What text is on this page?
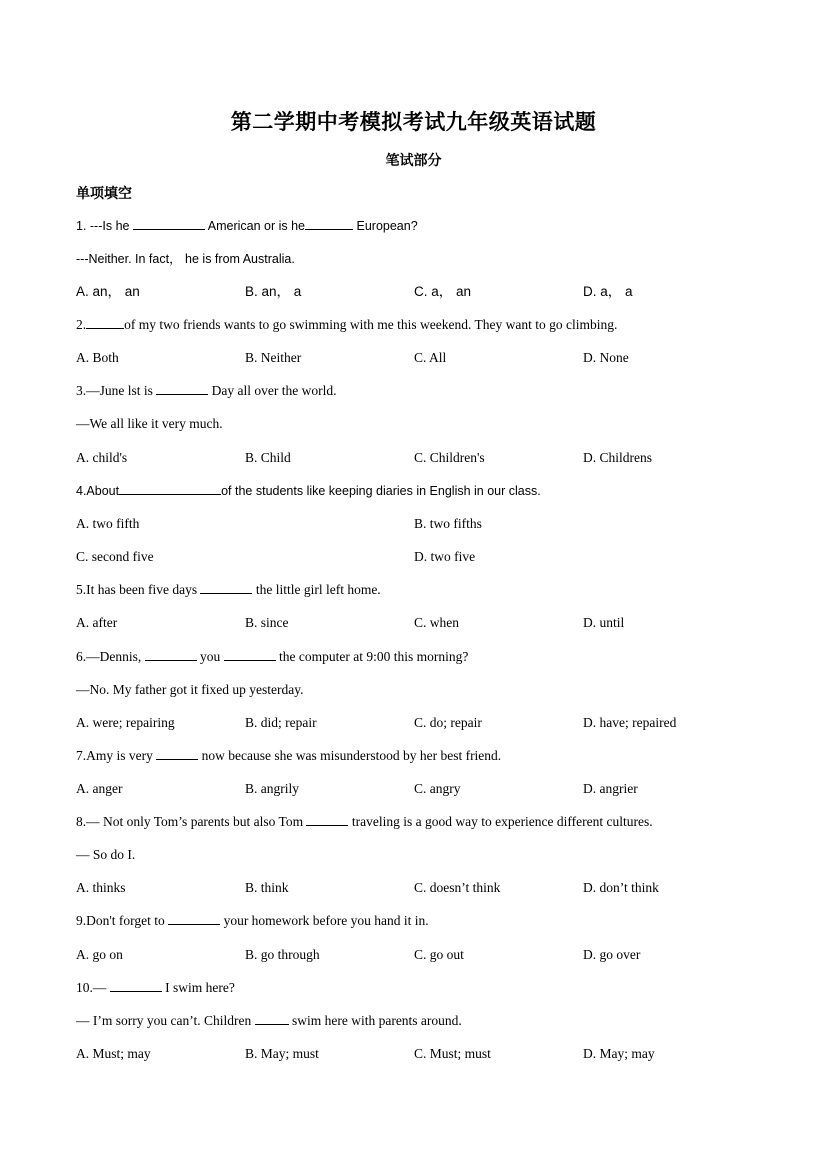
第二学期中考模拟考试九年级英语试题
笔试部分
单项填空
1. ---Is he	American or is he	European?
---Neither. In fact， he is from Australia.
A. an， an	B. an， a	C. a， an	D. a， a
2.	of my two friends wants to go swimming with me this weekend. They want to go climbing.
A. Both	B. Neither	C. All	D. None
3.—June lst is	Day all over the world.
—We all like it very much.
A. child's	B. Child	C. Children's	D. Childrens
4.About	of the students like keeping diaries in English in our class.
A. two fifth	B. two fifths
C. second five	D. two five
5.It has been five days	the little girl left home.
A. after	B. since	C. when	D. until
6.—Dennis,	you	the computer at 9:00 this morning?
—No. My father got it fixed up yesterday.
A. were; repairing	B. did; repair	C. do; repair	D. have; repaired
7.Amy is very	now because she was misunderstood by her best friend.
A. anger	B. angrily	C. angry	D. angrier
8.— Not only Tom’s parents but also Tom	traveling is a good way to experience different cultures.
— So do I.
A. thinks	B. think	C. doesn’t think	D. don’t think
9.Don't forget to	your homework before you hand it in.
A. go on	B. go through	C. go out	D. go over
10.—	I swim here?
— I’m sorry you can’t. Children	swim here with parents around.
A. Must; may	B. May; must	C. Must; must	D. May; may
